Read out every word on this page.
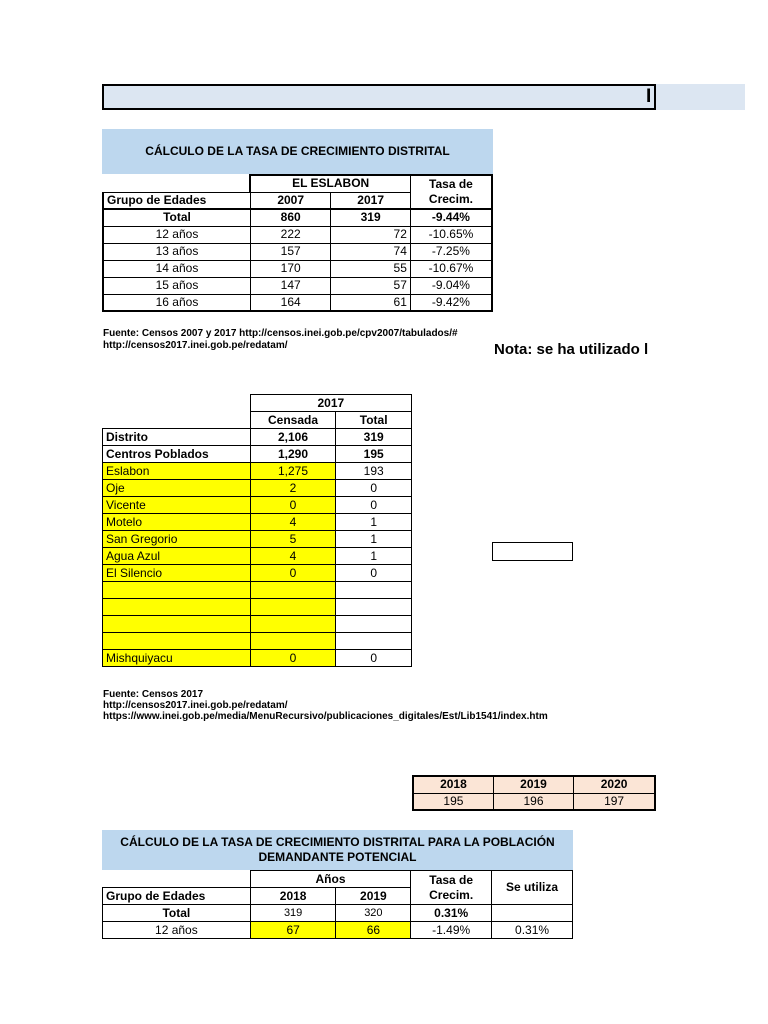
I
CÁLCULO DE LA TASA DE CRECIMIENTO DISTRITAL
	EL ESLABON		Tasa de Crecim.
Grupo de Edades	2007	2017	
Total	860	319	-9.44%
12 años	222	72	-10.65%
13 años	157	74	-7.25%
14 años	170	55	-10.67%
15 años	147	57	-9.04%
16 años	164	61	-9.42%
Fuente: Censos 2007 y 2017 http://censos.inei.gob.pe/cpv2007/tabulados/#
http://censos2017.inei.gob.pe/redatam/	Nota: se ha utilizado l
	2017	
	Censada	Total
Distrito	2,106	319
Centros Poblados	1,290	195
Eslabon	1,275	193
Oje	2	0
Vicente	0	0
Motelo	4	1
San Gregorio	5	1
Agua Azul	4	1
El Silencio	0	0

Mishquiyacu	0	0
Fuente: Censos 2017
http://censos2017.inei.gob.pe/redatam/
https://www.inei.gob.pe/media/MenuRecursivo/publicaciones_digitales/Est/Lib1541/index.htm
2018	2019	2020
195	196	197
CÁLCULO DE LA TASA DE CRECIMIENTO DISTRITAL PARA LA POBLACIÓN DEMANDANTE POTENCIAL
	Años		Tasa de Crecim.	Se utiliza
Grupo de Edades	2018	2019		
Total	319	320	0.31%	
12 años	67	66	-1.49%	0.31%
